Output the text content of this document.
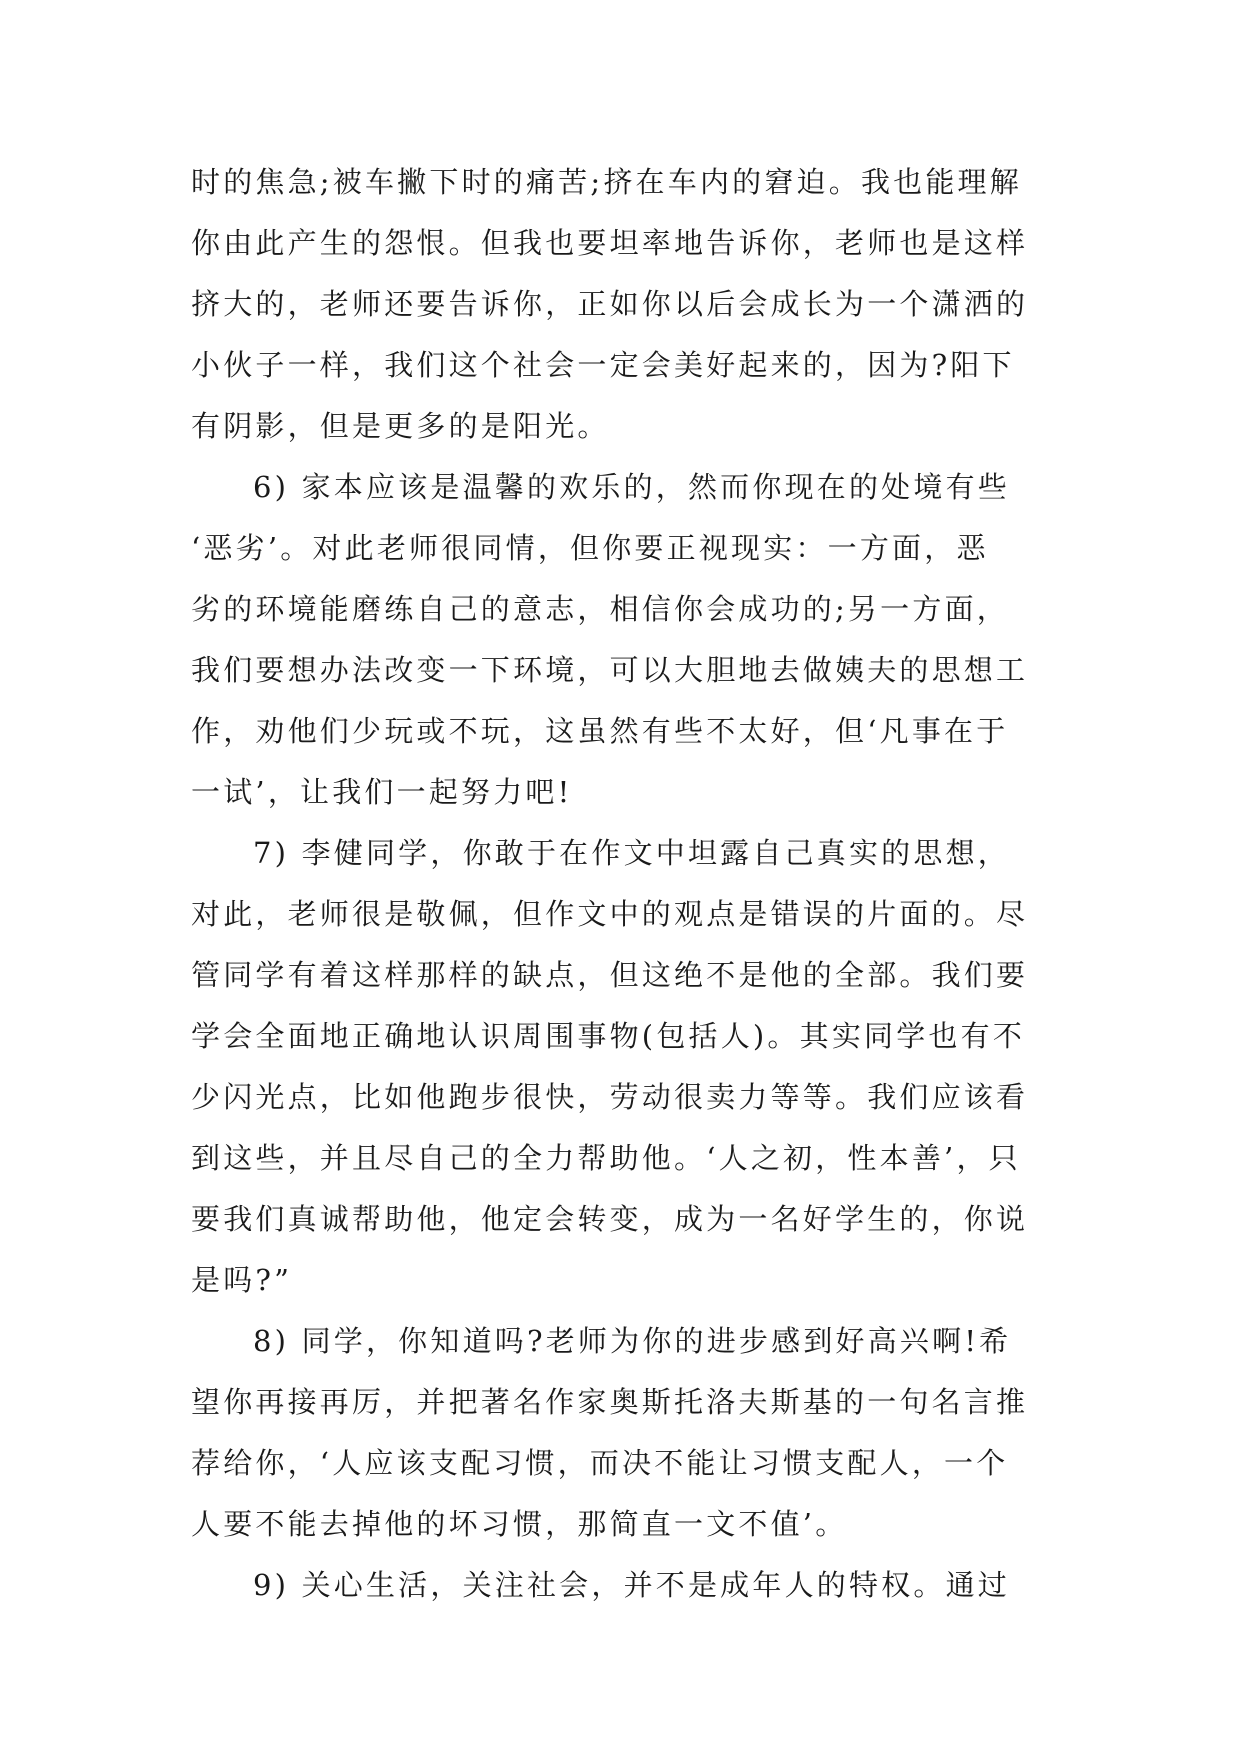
时的焦急;被车撇下时的痛苦;挤在车内的窘迫。我也能理解
你由此产生的怨恨。但我也要坦率地告诉你，老师也是这样
挤大的，老师还要告诉你，正如你以后会成长为一个潇洒的
小伙子一样，我们这个社会一定会美好起来的，因为?阳下
有阴影，但是更多的是阳光。
6) 家本应该是温馨的欢乐的，然而你现在的处境有些
‘恶劣’。对此老师很同情，但你要正视现实：一方面，恶
劣的环境能磨练自己的意志，相信你会成功的;另一方面，
我们要想办法改变一下环境，可以大胆地去做姨夫的思想工
作，劝他们少玩或不玩，这虽然有些不太好，但‘凡事在于
一试’，让我们一起努力吧!
7) 李健同学，你敢于在作文中坦露自己真实的思想，
对此，老师很是敬佩，但作文中的观点是错误的片面的。尽
管同学有着这样那样的缺点，但这绝不是他的全部。我们要
学会全面地正确地认识周围事物(包括人)。其实同学也有不
少闪光点，比如他跑步很快，劳动很卖力等等。我们应该看
到这些，并且尽自己的全力帮助他。‘人之初，性本善’，只
要我们真诚帮助他，他定会转变，成为一名好学生的，你说
是吗?”
8) 同学，你知道吗?老师为你的进步感到好高兴啊!希
望你再接再厉，并把著名作家奥斯托洛夫斯基的一句名言推
荐给你，‘人应该支配习惯，而决不能让习惯支配人，一个
人要不能去掉他的坏习惯，那简直一文不值’。
9) 关心生活，关注社会，并不是成年人的特权。通过
